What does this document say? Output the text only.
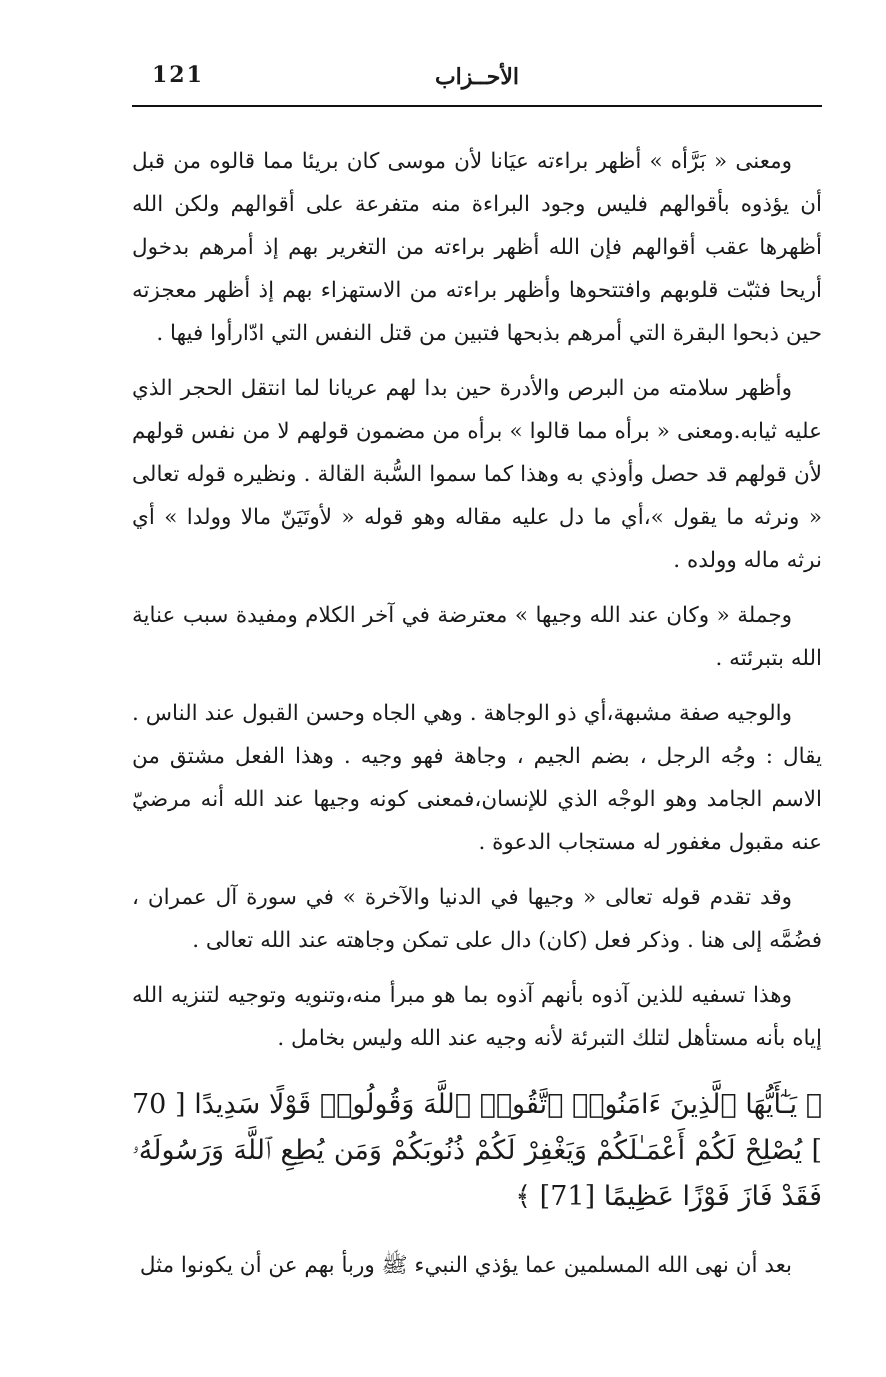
121	الأحــزاب

ومعنى « بَرَّأه » أظهر براءته عيَانا لأن موسى كان بريئا مما قالوه من قبل أن يؤذوه بأقوالهم فليس وجود البراءة منه متفرعة على أقوالهم ولكن الله أظهرها عقب أقوالهم فإن الله أظهر براءته من التغرير بهم إذ أمرهم بدخول أريحا فثبّت قلوبهم وافتتحوها وأظهر براءته من الاستهزاء بهم إذ أظهر معجزته حين ذبحوا البقرة التي أمرهم بذبحها فتبين من قتل النفس التي ادّارأوا فيها .

وأظهر سلامته من البرص والأدرة حين بدا لهم عريانا لما انتقل الحجر الذي عليه ثيابه.ومعنى « برأه مما قالوا » برأه من مضمون قولهم لا من نفس قولهم لأن قولهم قد حصل وأوذي به وهذا كما سموا السُّبة القالة . ونظيره قوله تعالى « ونرثه ما يقول »،أي ما دل عليه مقاله وهو قوله « لأوتَيَنّ مالا وولدا » أي نرثه ماله وولده .

وجملة « وكان عند الله وجيها » معترضة في آخر الكلام ومفيدة سبب عناية الله بتبرئته .

والوجيه صفة مشبهة،أي ذو الوجاهة . وهي الجاه وحسن القبول عند الناس . يقال : وجُه الرجل ، بضم الجيم ، وجاهة فهو وجيه . وهذا الفعل مشتق من الاسم الجامد وهو الوجْه الذي للإنسان،فمعنى كونه وجيها عند الله أنه مرضيّ عنه مقبول مغفور له مستجاب الدعوة .

وقد تقدم قوله تعالى « وجيها في الدنيا والآخرة » في سورة آل عمران ، فضُمَّه إلى هنا . وذكر فعل (كان) دال على تمكن وجاهته عند الله تعالى .

وهذا تسفيه للذين آذوه بأنهم آذوه بما هو مبرأ منه،وتنويه وتوجيه لتنزيه الله إياه بأنه مستأهل لتلك التبرئة لأنه وجيه عند الله وليس بخامل .

﴿ يَـٰٓأَيُّهَا ٱلَّذِينَ ءَامَنُوا۟ ٱتَّقُوا۟ ٱللَّهَ وَقُولُوا۟ قَوْلًا سَدِيدًا [ 70 ] يُصْلِحْ لَكُمْ أَعْمَـٰلَكُمْ وَيَغْفِرْ لَكُمْ ذُنُوبَكُمْ وَمَن يُطِعِ ٱللَّهَ وَرَسُولَهُۥ فَقَدْ فَازَ فَوْزًا عَظِيمًا [71] ﴾

بعد أن نهى الله المسلمين عما يؤذي النبيء ﷺ وربأ بهم عن أن يكونوا مثل
